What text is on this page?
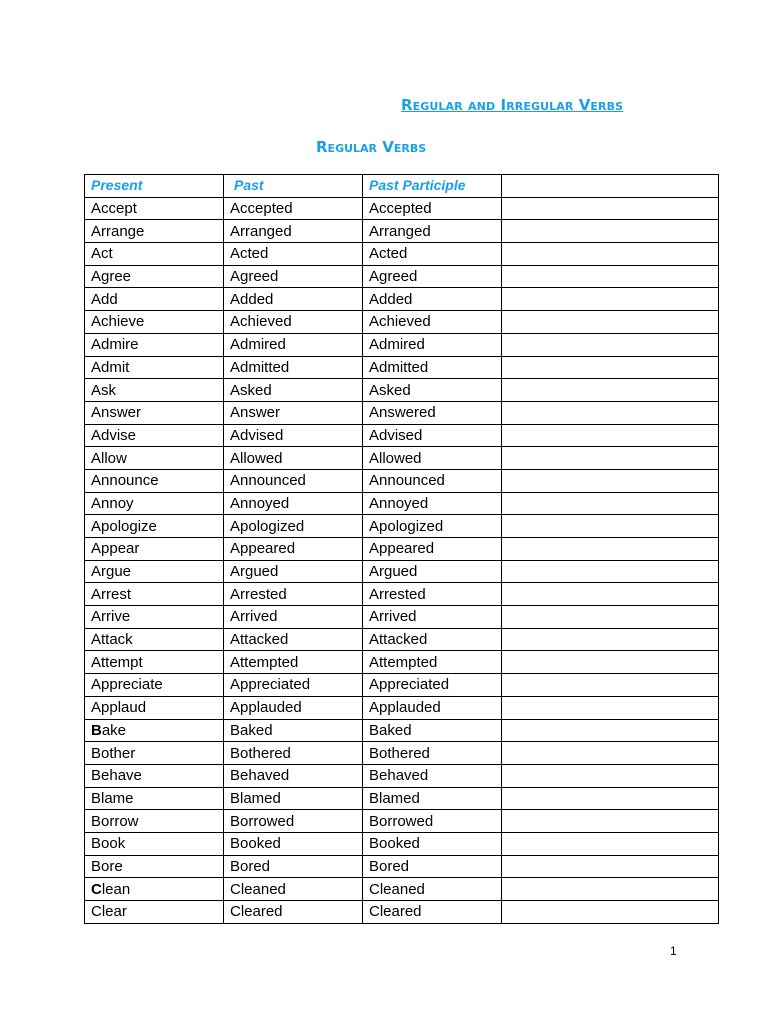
Regular and Irregular Verbs
Regular Verbs
Present	Past	Past Participle	
Accept	Accepted	Accepted	
Arrange	Arranged	Arranged	
Act	Acted	Acted	
Agree	Agreed	Agreed	
Add	Added	Added	
Achieve	Achieved	Achieved	
Admire	Admired	Admired	
Admit	Admitted	Admitted	
Ask	Asked	Asked	
Answer	Answer	Answered	
Advise	Advised	Advised	
Allow	Allowed	Allowed	
Announce	Announced	Announced	
Annoy	Annoyed	Annoyed	
Apologize	Apologized	Apologized	
Appear	Appeared	Appeared	
Argue	Argued	Argued	
Arrest	Arrested	Arrested	
Arrive	Arrived	Arrived	
Attack	Attacked	Attacked	
Attempt	Attempted	Attempted	
Appreciate	Appreciated	Appreciated	
Applaud	Applauded	Applauded	
Bake	Baked	Baked	
Bother	Bothered	Bothered	
Behave	Behaved	Behaved	
Blame	Blamed	Blamed	
Borrow	Borrowed	Borrowed	
Book	Booked	Booked	
Bore	Bored	Bored	
Clean	Cleaned	Cleaned	
Clear	Cleared	Cleared	
1
